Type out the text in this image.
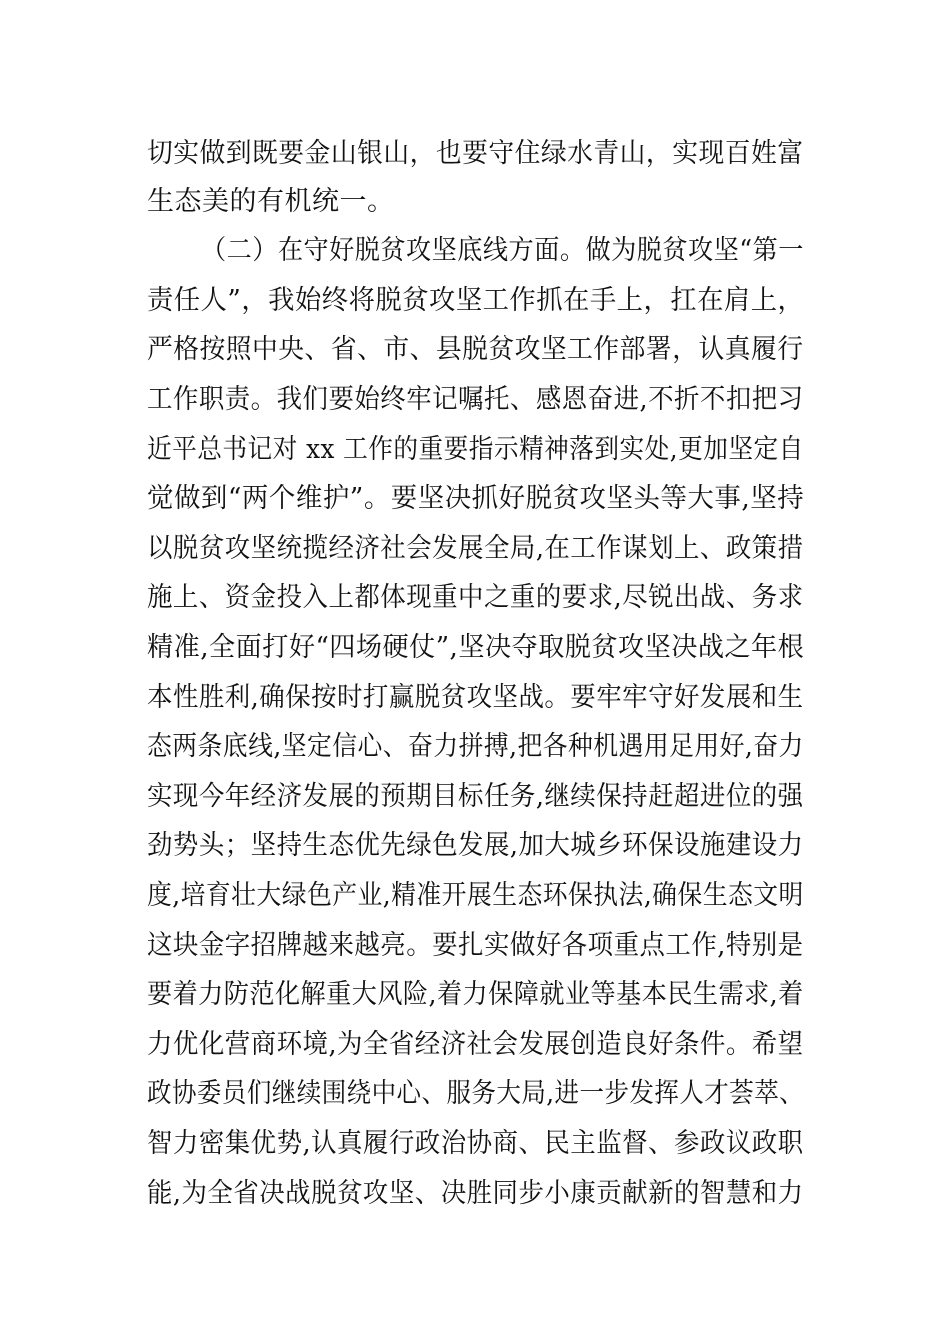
切实做到既要金山银山，也要守住绿水青山，实现百姓富
生态美的有机统一。
（二）在守好脱贫攻坚底线方面。做为脱贫攻坚“第一
责任人”，我始终将脱贫攻坚工作抓在手上，扛在肩上，
严格按照中央、省、市、县脱贫攻坚工作部署，认真履行
工作职责。我们要始终牢记嘱托、感恩奋进,不折不扣把习
近平总书记对 xx 工作的重要指示精神落到实处,更加坚定自
觉做到“两个维护”。要坚决抓好脱贫攻坚头等大事,坚持
以脱贫攻坚统揽经济社会发展全局,在工作谋划上、政策措
施上、资金投入上都体现重中之重的要求,尽锐出战、务求
精准,全面打好“四场硬仗”,坚决夺取脱贫攻坚决战之年根
本性胜利,确保按时打赢脱贫攻坚战。要牢牢守好发展和生
态两条底线,坚定信心、奋力拼搏,把各种机遇用足用好,奋力
实现今年经济发展的预期目标任务,继续保持赶超进位的强
劲势头；坚持生态优先绿色发展,加大城乡环保设施建设力
度,培育壮大绿色产业,精准开展生态环保执法,确保生态文明
这块金字招牌越来越亮。要扎实做好各项重点工作,特别是
要着力防范化解重大风险,着力保障就业等基本民生需求,着
力优化营商环境,为全省经济社会发展创造良好条件。希望
政协委员们继续围绕中心、服务大局,进一步发挥人才荟萃、
智力密集优势,认真履行政治协商、民主监督、参政议政职
能,为全省决战脱贫攻坚、决胜同步小康贡献新的智慧和力
